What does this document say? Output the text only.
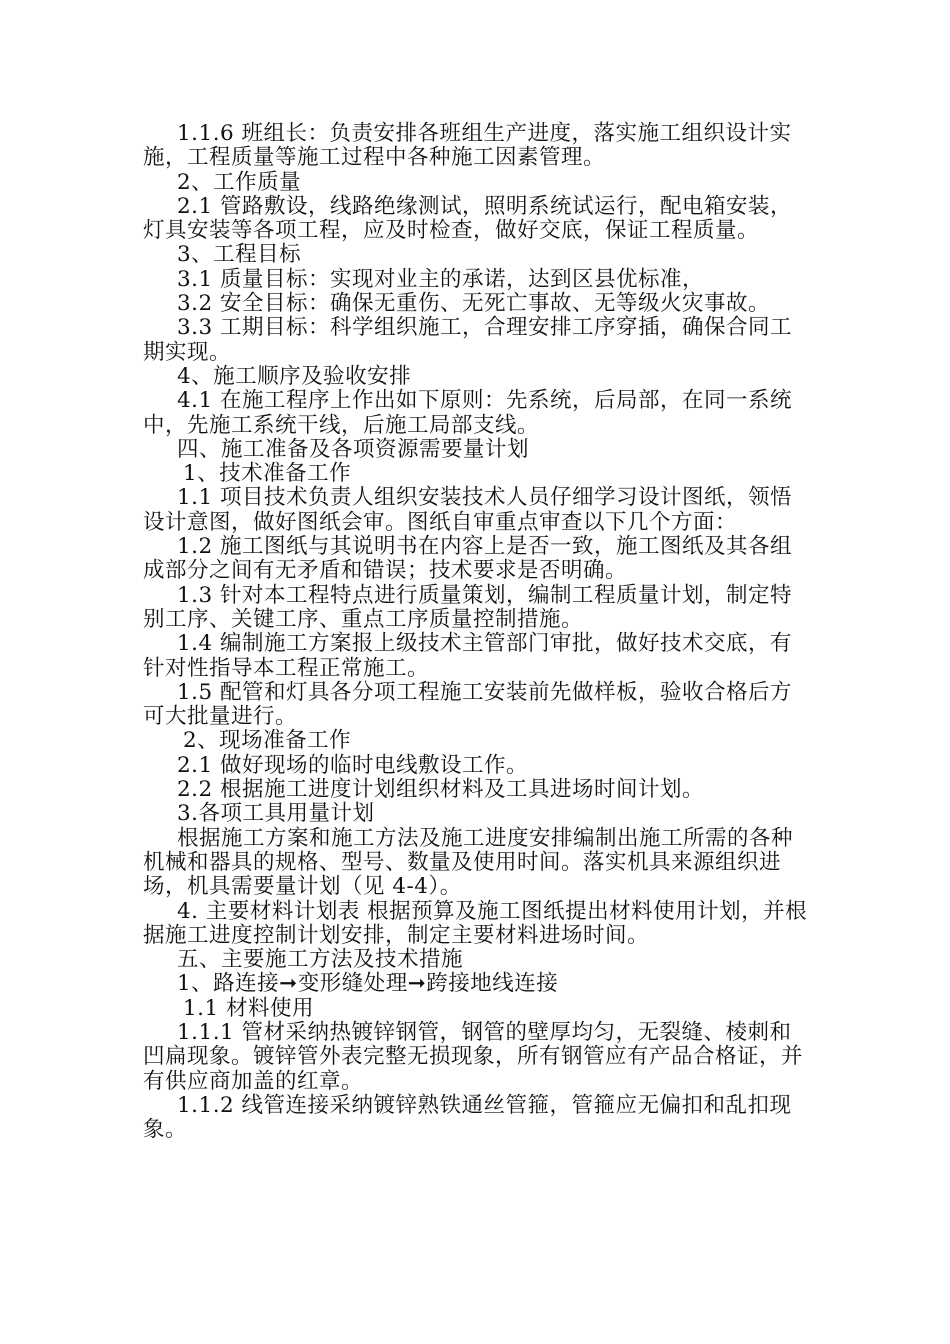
1.1.6 班组长：负责安排各班组生产进度，落实施工组织设计实施，工程质量等施工过程中各种施工因素管理。

2、工作质量

2.1 管路敷设，线路绝缘测试，照明系统试运行，配电箱安装，灯具安装等各项工程，应及时检查，做好交底，保证工程质量。

3、工程目标

3.1 质量目标：实现对业主的承诺，达到区县优标准，

3.2 安全目标：确保无重伤、无死亡事故、无等级火灾事故。

3.3 工期目标：科学组织施工，合理安排工序穿插，确保合同工期实现。

4、施工顺序及验收安排

4.1 在施工程序上作出如下原则：先系统，后局部，在同一系统中，先施工系统干线，后施工局部支线。

四、施工准备及各项资源需要量计划

1、技术准备工作

1.1 项目技术负责人组织安装技术人员仔细学习设计图纸，领悟设计意图，做好图纸会审。图纸自审重点审查以下几个方面：

1.2 施工图纸与其说明书在内容上是否一致，施工图纸及其各组成部分之间有无矛盾和错误；技术要求是否明确。

1.3 针对本工程特点进行质量策划，编制工程质量计划，制定特别工序、关键工序、重点工序质量控制措施。

1.4 编制施工方案报上级技术主管部门审批，做好技术交底，有针对性指导本工程正常施工。

1.5 配管和灯具各分项工程施工安装前先做样板，验收合格后方可大批量进行。

2、现场准备工作

2.1 做好现场的临时电线敷设工作。

2.2 根据施工进度计划组织材料及工具进场时间计划。

3.各项工具用量计划

根据施工方案和施工方法及施工进度安排编制出施工所需的各种机械和器具的规格、型号、数量及使用时间。落实机具来源组织进场，机具需要量计划（见 4-4）。

4. 主要材料计划表 根据预算及施工图纸提出材料使用计划，并根据施工进度控制计划安排，制定主要材料进场时间。

五、主要施工方法及技术措施

1、路连接➞变形缝处理➞跨接地线连接

1.1 材料使用

1.1.1 管材采纳热镀锌钢管，钢管的壁厚均匀，无裂缝、棱刺和凹扁现象。镀锌管外表完整无损现象，所有钢管应有产品合格证，并有供应商加盖的红章。

1.1.2 线管连接采纳镀锌熟铁通丝管箍，管箍应无偏扣和乱扣现象。
